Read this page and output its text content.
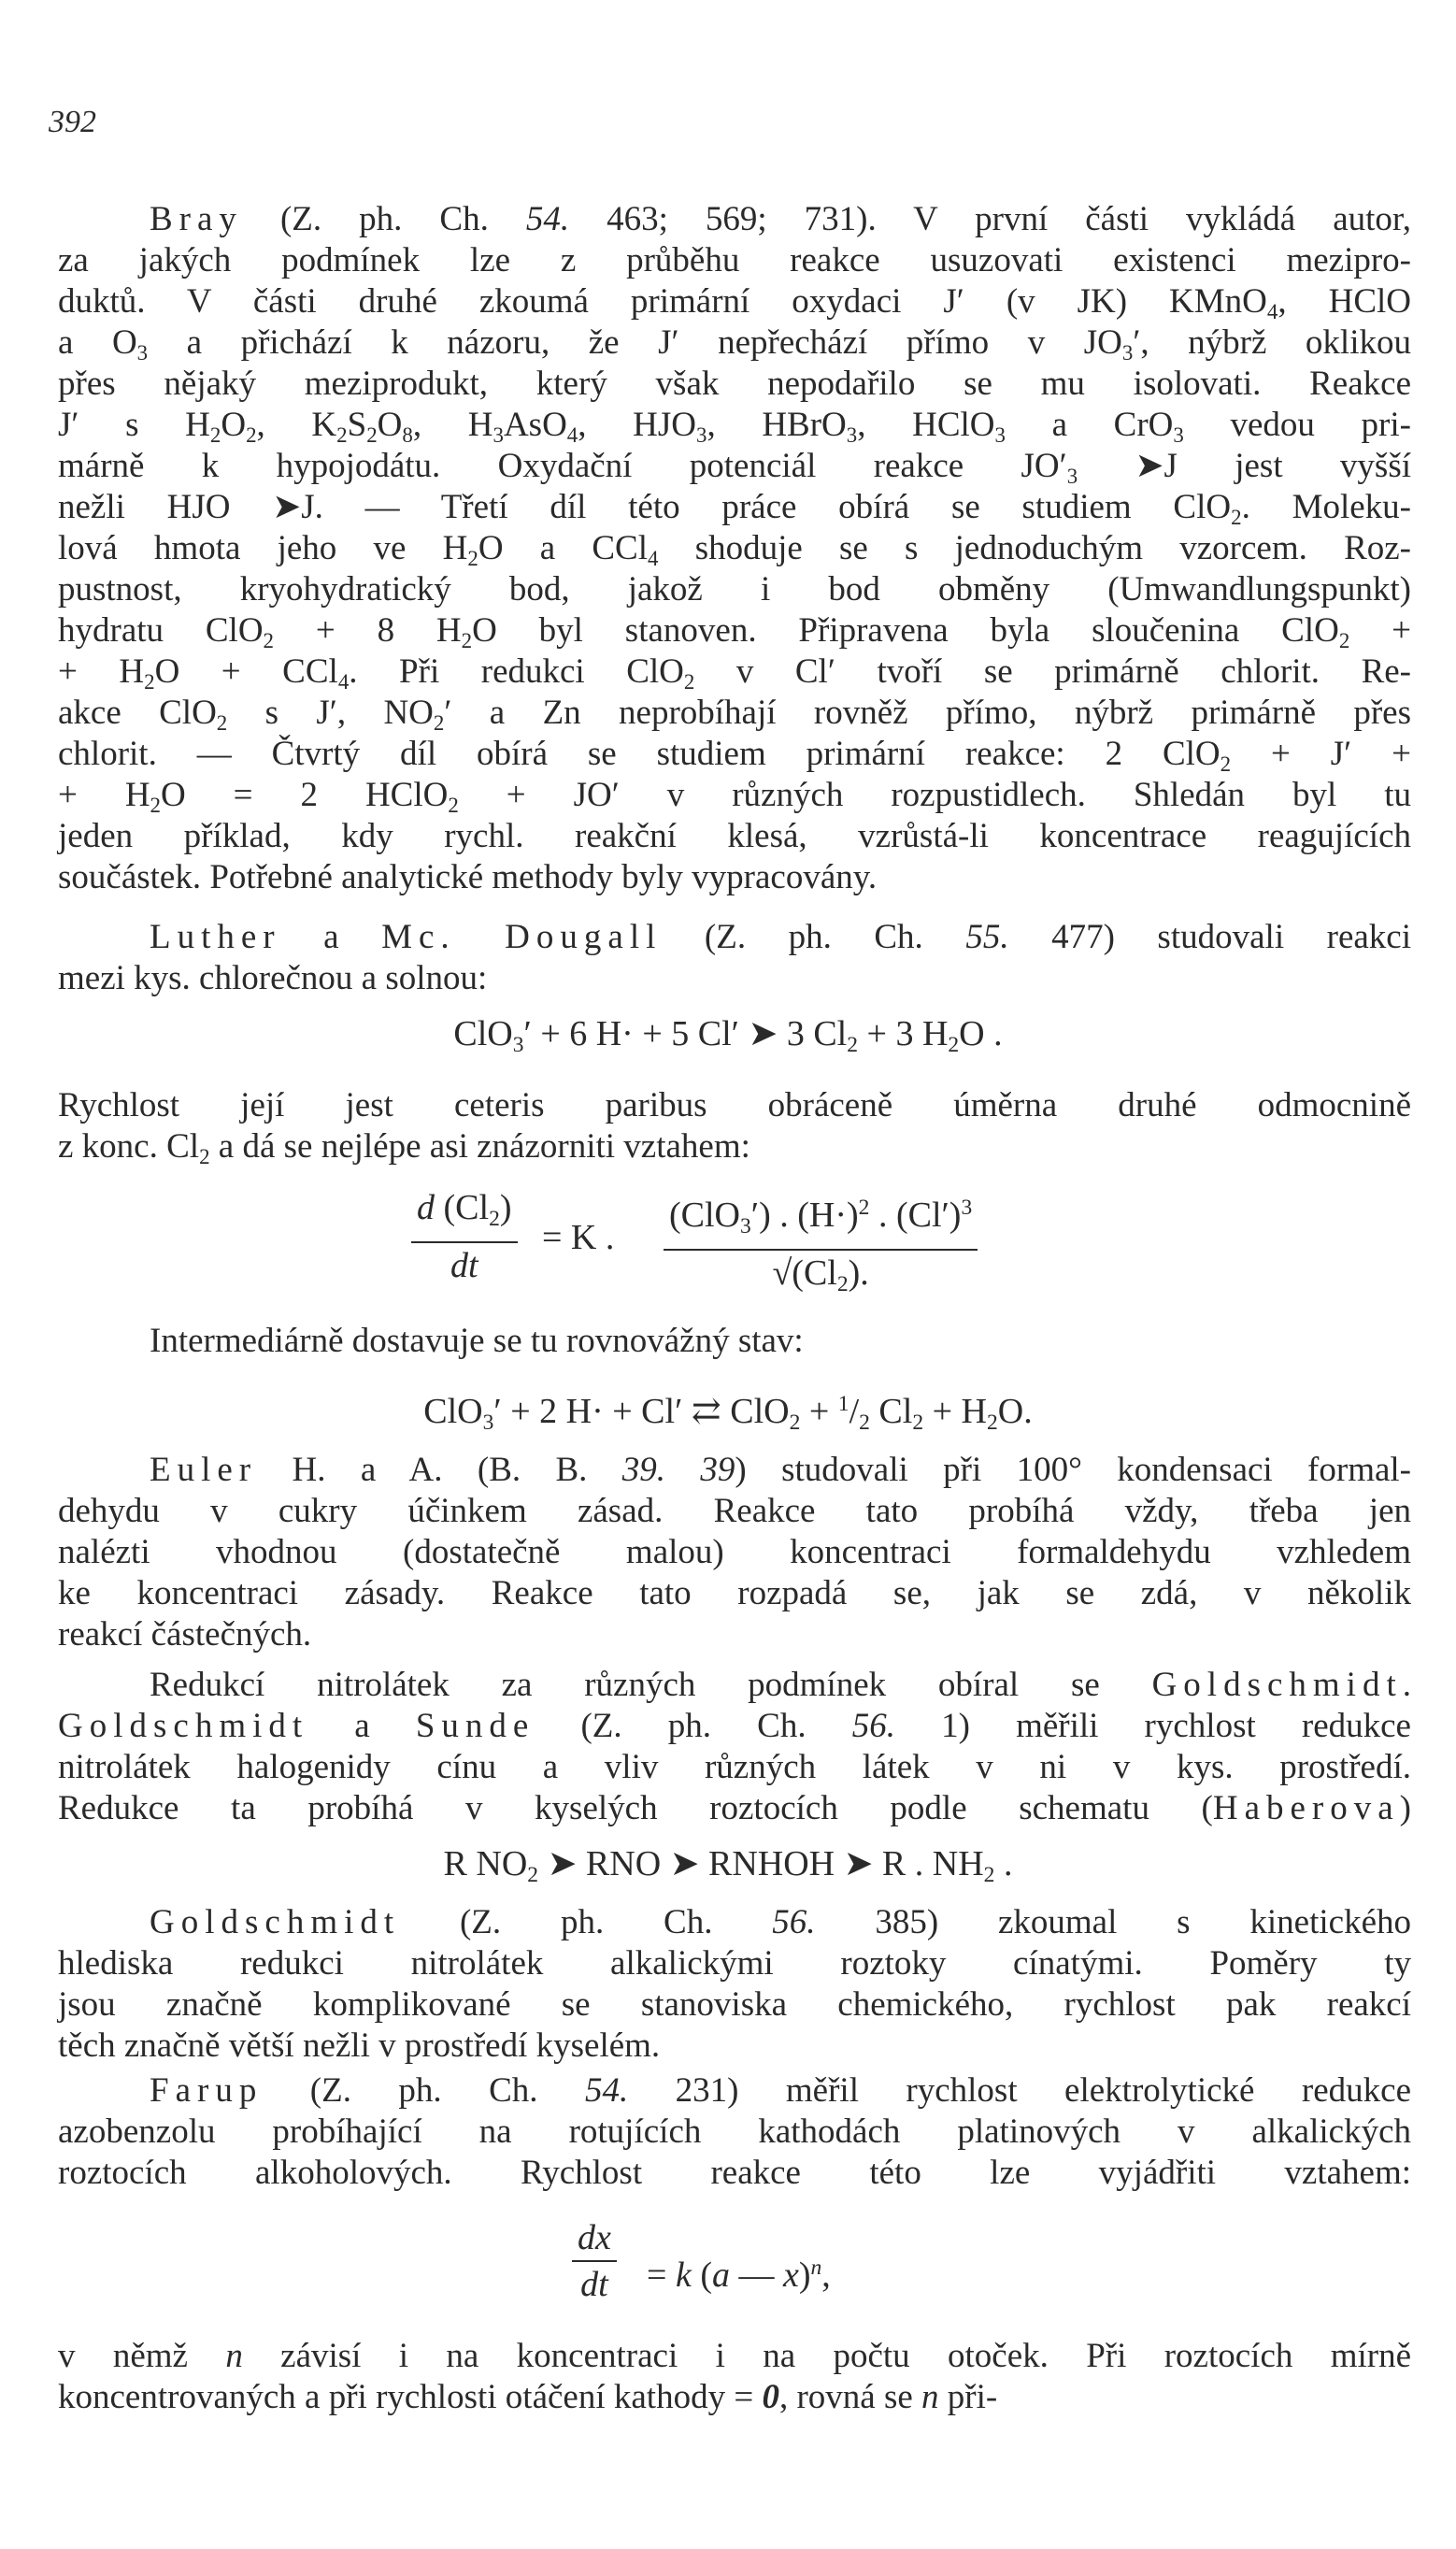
392
Bray (Z. ph. Ch. 54. 463; 569; 731). V první části vykládá autor,
za jakých podmínek lze z průběhu reakce usuzovati existenci mezipro-
duktů. V části druhé zkoumá primární oxydaci J′ (v JK) KMnO$_4$, HClO
a $O_3$ a přichází k názoru, že J′ nepřechází přímo v $JO_3'$, nýbrž oklikou
přes nějaký meziprodukt, který však nepodařilo se mu isolovati. Reakce
J′ s $H_2O_2$, $K_2S_2O_8$, $H_3AsO_4$, $HJO_3$, HBrO$_3$, HClO$_3$ a CrO$_3$ vedou pri-
márně k hypojodátu. Oxydační potenciál reakce $JO'_3$ ➤J jest vyšší
nežli HJO ➤J. — Třetí díl této práce obírá se studiem ClO$_2$. Moleku-
lová hmota jeho ve $H_2O$ a CCl$_4$ shoduje se s jednoduchým vzorcem. Roz-
pustnost, kryohydratický bod, jakož i bod obměny (Umwandlungspunkt)
hydratu ClO$_2$ + 8 $H_2O$ byl stanoven. Připravena byla sloučenina ClO$_2$ +
+ $H_2O + CCl_4$. Při redukci ClO$_2$ v Cl′ tvoří se primárně chlorit. Re-
akce ClO$_2$ s J′, $NO_2'$ a Zn neprobíhají rovněž přímo, nýbrž primárně přes
chlorit. — Čtvrtý díl obírá se studiem primární reakce: 2 ClO$_2$ + J′ +
+ $H_2O = 2$ HClO$_2$ + JO′ v různých rozpustidlech. Shledán byl tu
jeden příklad, kdy rychl. reakční klesá, vzrůstá-li koncentrace reagujících
součástek. Potřebné analytické methody byly vypracovány.
Luther a Mc. Dougall (Z. ph. Ch. 55. 477) studovali reakci
mezi kys. chlorečnou a solnou:
ClO$_3$′ + 6 H· + 5 Cl′ ➤ 3 $Cl_2 + 3$ $H_2O$ .
Rychlost její jest ceteris paribus obráceně úměrna druhé odmocnině
z konc. $Cl_2$ a dá se nejlépe asi znázorniti vztahem:
d $(Cl_2)$
dt
= K .
(ClO$_3$′) . $(H\cdot)^2$ . $(Cl')^3$
$√(Cl_2)$.
Intermediárně dostavuje se tu rovnovážný stav:
ClO$_3$′ + 2 H· + Cl′ ⇄ $ClO_2 + ^1/_2$ $Cl_2 + H_2O$.
Euler H. a A. (B. B. 39. 39) studovali při 100° kondensaci formal-
dehydu v cukry účinkem zásad. Reakce tato probíhá vždy, třeba jen
nalézti vhodnou (dostatečně malou) koncentraci formaldehydu vzhledem
ke koncentraci zásady. Reakce tato rozpadá se, jak se zdá, v několik
reakcí částečných.
Redukcí nitrolátek za různých podmínek obíral se Goldschmidt.
Goldschmidt a Sunde (Z. ph. Ch. 56. 1) měřili rychlost redukce
nitrolátek halogenidy cínu a vliv různých látek v ni v kys. prostředí.
Redukce ta probíhá v kyselých roztocích podle schematu (Haberova)
R $NO_2$ ➤ RNO ➤ RNHOH ➤ R . $NH_2$ .
Goldschmidt (Z. ph. Ch. 56. 385) zkoumal s kinetického
hlediska redukci nitrolátek alkalickými roztoky cínatými. Poměry ty
jsou značně komplikované se stanoviska chemického, rychlost pak reakcí
těch značně větší nežli v prostředí kyselém.
Farup (Z. ph. Ch. 54. 231) měřil rychlost elektrolytické redukce
azobenzolu probíhající na rotujících kathodách platinových v alkalických
roztocích alkoholových. Rychlost reakce této lze vyjádřiti vztahem:
dx
dt = k (a — x)$^n$,
v němž n závisí i na koncentraci i na počtu otoček. Při roztocích mírně
koncentrovaných a při rychlosti otáčení kathody = 0, rovná se n při-
